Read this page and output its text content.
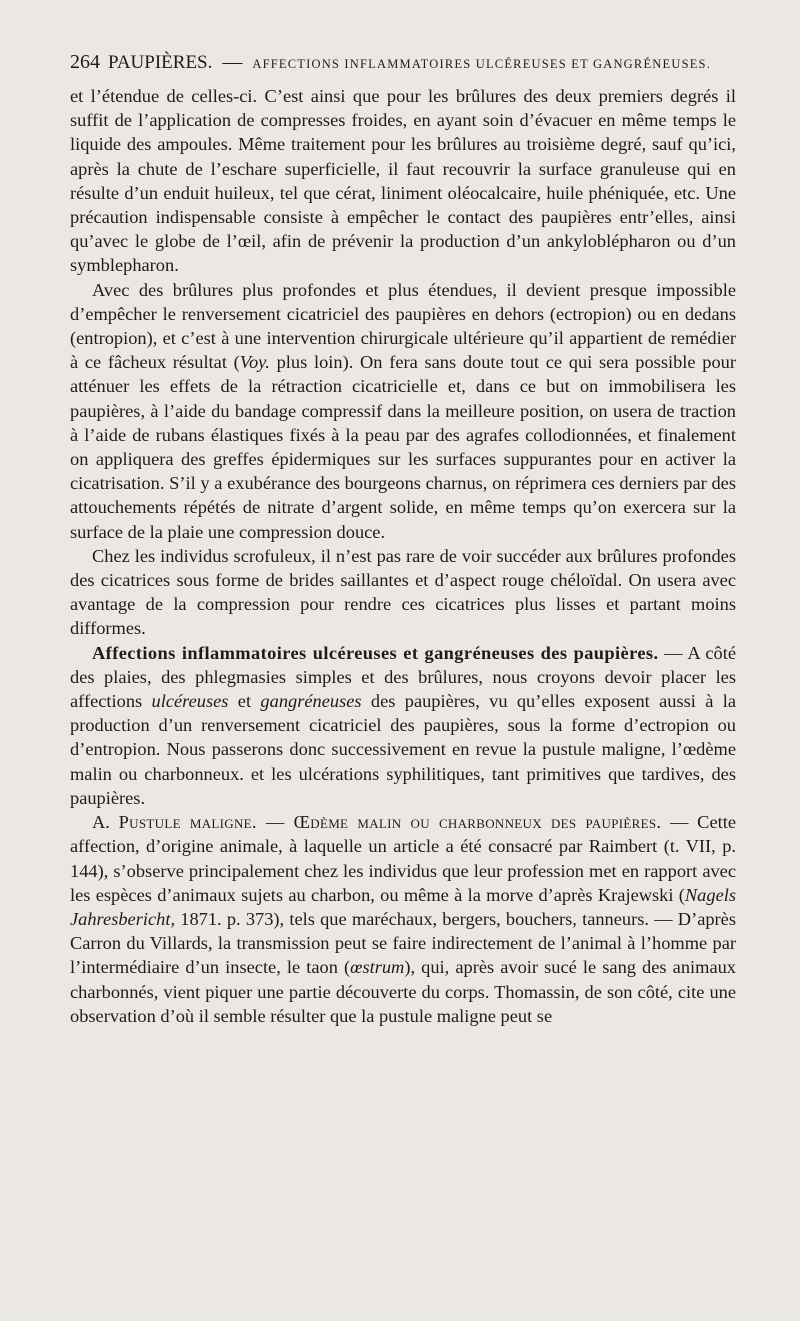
264 PAUPIÈRES. — AFFECTIONS INFLAMMATOIRES ULCÉREUSES ET GANGRÉNEUSES.

et l’étendue de celles-ci. C’est ainsi que pour les brûlures des deux premiers degrés il suffit de l’application de compresses froides, en ayant soin d’évacuer en même temps le liquide des ampoules. Même traitement pour les brûlures au troisième degré, sauf qu’ici, après la chute de l’eschare superficielle, il faut recouvrir la surface granuleuse qui en résulte d’un enduit huileux, tel que cérat, liniment oléocalcaire, huile phéniquée, etc. Une précaution indispensable consiste à empêcher le contact des paupières entr’elles, ainsi qu’avec le globe de l’œil, afin de prévenir la production d’un ankyloblépharon ou d’un symblepharon.

Avec des brûlures plus profondes et plus étendues, il devient presque impossible d’empêcher le renversement cicatriciel des paupières en dehors (ectropion) ou en dedans (entropion), et c’est à une intervention chirurgicale ultérieure qu’il appartient de remédier à ce fâcheux résultat (Voy. plus loin). On fera sans doute tout ce qui sera possible pour atténuer les effets de la rétraction cicatricielle et, dans ce but on immobilisera les paupières, à l’aide du bandage compressif dans la meilleure position, on usera de traction à l’aide de rubans élastiques fixés à la peau par des agrafes collodionnées, et finalement on appliquera des greffes épidermiques sur les surfaces suppurantes pour en activer la cicatrisation. S’il y a exubérance des bourgeons charnus, on réprimera ces derniers par des attouchements répétés de nitrate d’argent solide, en même temps qu’on exercera sur la surface de la plaie une compression douce.

Chez les individus scrofuleux, il n’est pas rare de voir succéder aux brûlures profondes des cicatrices sous forme de brides saillantes et d’aspect rouge chéloïdal. On usera avec avantage de la compression pour rendre ces cicatrices plus lisses et partant moins difformes.

Affections inflammatoires ulcéreuses et gangréneuses des paupières. — A côté des plaies, des phlegmasies simples et des brûlures, nous croyons devoir placer les affections ulcéreuses et gangréneuses des paupières, vu qu’elles exposent aussi à la production d’un renversement cicatriciel des paupières, sous la forme d’ectropion ou d’entropion. Nous passerons donc successivement en revue la pustule maligne, l’œdème malin ou charbonneux. et les ulcérations syphilitiques, tant primitives que tardives, des paupières.

A. Pustule maligne. — Œdème malin ou charbonneux des paupières. — Cette affection, d’origine animale, à laquelle un article a été consacré par Raimbert (t. VII, p. 144), s’observe principalement chez les individus que leur profession met en rapport avec les espèces d’animaux sujets au charbon, ou même à la morve d’après Krajewski (Nagels Jahresbericht, 1871. p. 373), tels que maréchaux, bergers, bouchers, tanneurs. — D’après Carron du Villards, la transmission peut se faire indirectement de l’animal à l’homme par l’intermédiaire d’un insecte, le taon (œstrum), qui, après avoir sucé le sang des animaux charbonnés, vient piquer une partie découverte du corps. Thomassin, de son côté, cite une observation d’où il semble résulter que la pustule maligne peut se
